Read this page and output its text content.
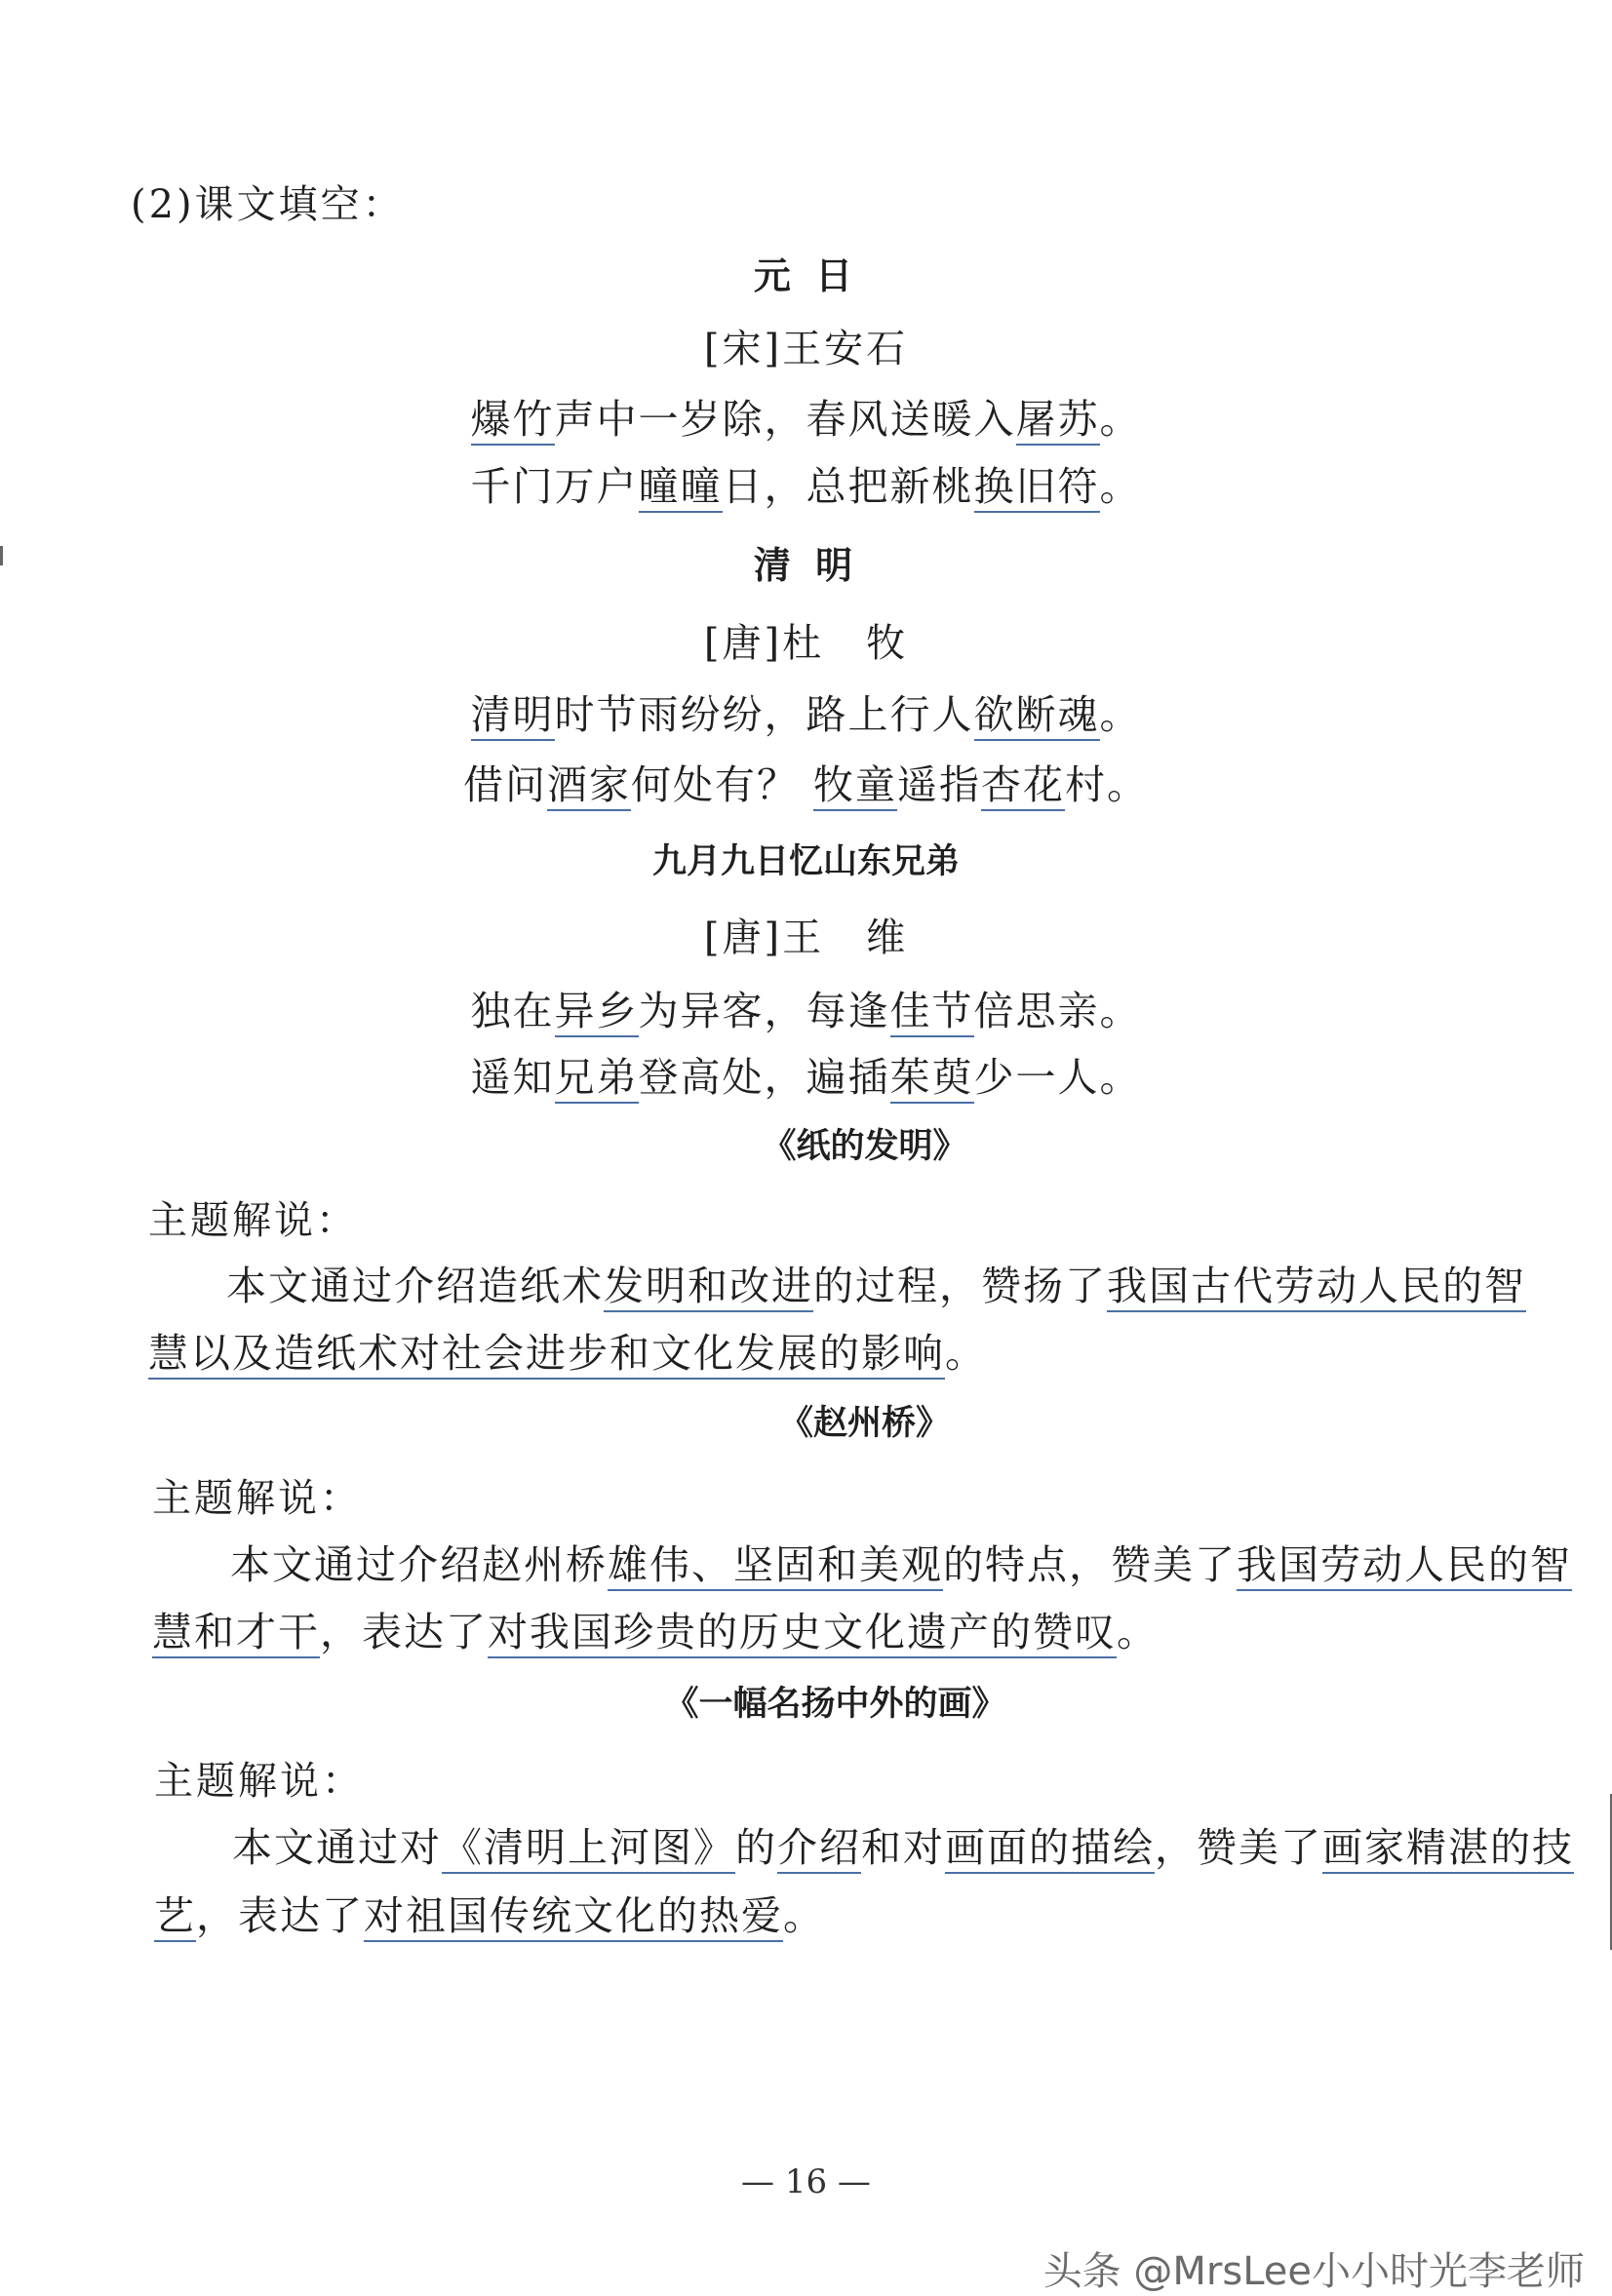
(2)课文填空：
元 日
[宋]王安石
爆竹声中一岁除，春风送暖入屠苏。
千门万户曈曈日，总把新桃换旧符。
清 明
[唐]杜　牧
清明时节雨纷纷，路上行人欲断魂。
借问酒家何处有？ 牧童遥指杏花村。
九月九日忆山东兄弟
[唐]王　维
独在异乡为异客，每逢佳节倍思亲。
遥知兄弟登高处，遍插茱萸少一人。
《纸的发明》
主题解说：
本文通过介绍造纸术发明和改进的过程，赞扬了我国古代劳动人民的智
慧以及造纸术对社会进步和文化发展的影响。
《赵州桥》
主题解说：
本文通过介绍赵州桥雄伟、坚固和美观的特点，赞美了我国劳动人民的智
慧和才干，表达了对我国珍贵的历史文化遗产的赞叹。
《一幅名扬中外的画》
主题解说：
本文通过对《清明上河图》的介绍和对画面的描绘，赞美了画家精湛的技
艺，表达了对祖国传统文化的热爱。
— 16 —
头条 @MrsLee小小时光李老师
